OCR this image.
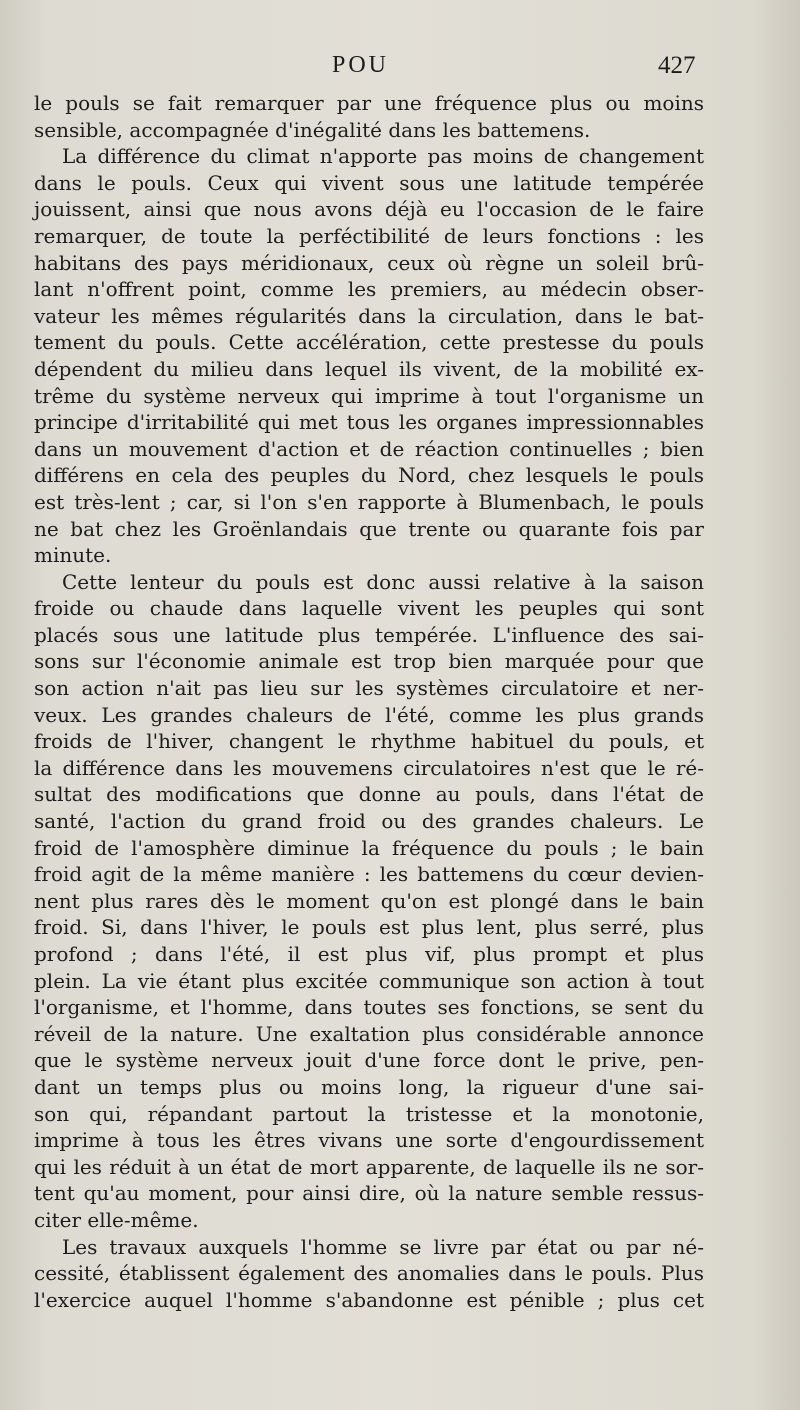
POU	427
le pouls se fait remarquer par une fréquence plus ou moins
sensible, accompagnée d'inégalité dans les battemens.
La différence du climat n'apporte pas moins de changement
dans le pouls. Ceux qui vivent sous une latitude tempérée
jouissent, ainsi que nous avons déjà eu l'occasion de le faire
remarquer, de toute la perféctibilité de leurs fonctions : les
habitans des pays méridionaux, ceux où règne un soleil brû-
lant n'offrent point, comme les premiers, au médecin obser-
vateur les mêmes régularités dans la circulation, dans le bat-
tement du pouls. Cette accélération, cette prestesse du pouls
dépendent du milieu dans lequel ils vivent, de la mobilité ex-
trême du système nerveux qui imprime à tout l'organisme un
principe d'irritabilité qui met tous les organes impressionnables
dans un mouvement d'action et de réaction continuelles ; bien
différens en cela des peuples du Nord, chez lesquels le pouls
est très-lent ; car, si l'on s'en rapporte à Blumenbach, le pouls
ne bat chez les Groënlandais que trente ou quarante fois par
minute.
Cette lenteur du pouls est donc aussi relative à la saison
froide ou chaude dans laquelle vivent les peuples qui sont
placés sous une latitude plus tempérée. L'influence des sai-
sons sur l'économie animale est trop bien marquée pour que
son action n'ait pas lieu sur les systèmes circulatoire et ner-
veux. Les grandes chaleurs de l'été, comme les plus grands
froids de l'hiver, changent le rhythme habituel du pouls, et
la différence dans les mouvemens circulatoires n'est que le ré-
sultat des modifications que donne au pouls, dans l'état de
santé, l'action du grand froid ou des grandes chaleurs. Le
froid de l'amosphère diminue la fréquence du pouls ; le bain
froid agit de la même manière : les battemens du cœur devien-
nent plus rares dès le moment qu'on est plongé dans le bain
froid. Si, dans l'hiver, le pouls est plus lent, plus serré, plus
profond ; dans l'été, il est plus vif, plus prompt et plus
plein. La vie étant plus excitée communique son action à tout
l'organisme, et l'homme, dans toutes ses fonctions, se sent du
réveil de la nature. Une exaltation plus considérable annonce
que le système nerveux jouit d'une force dont le prive, pen-
dant un temps plus ou moins long, la rigueur d'une sai-
son qui, répandant partout la tristesse et la monotonie,
imprime à tous les êtres vivans une sorte d'engourdissement
qui les réduit à un état de mort apparente, de laquelle ils ne sor-
tent qu'au moment, pour ainsi dire, où la nature semble ressus-
citer elle-même.
Les travaux auxquels l'homme se livre par état ou par né-
cessité, établissent également des anomalies dans le pouls. Plus
l'exercice auquel l'homme s'abandonne est pénible ; plus cet
